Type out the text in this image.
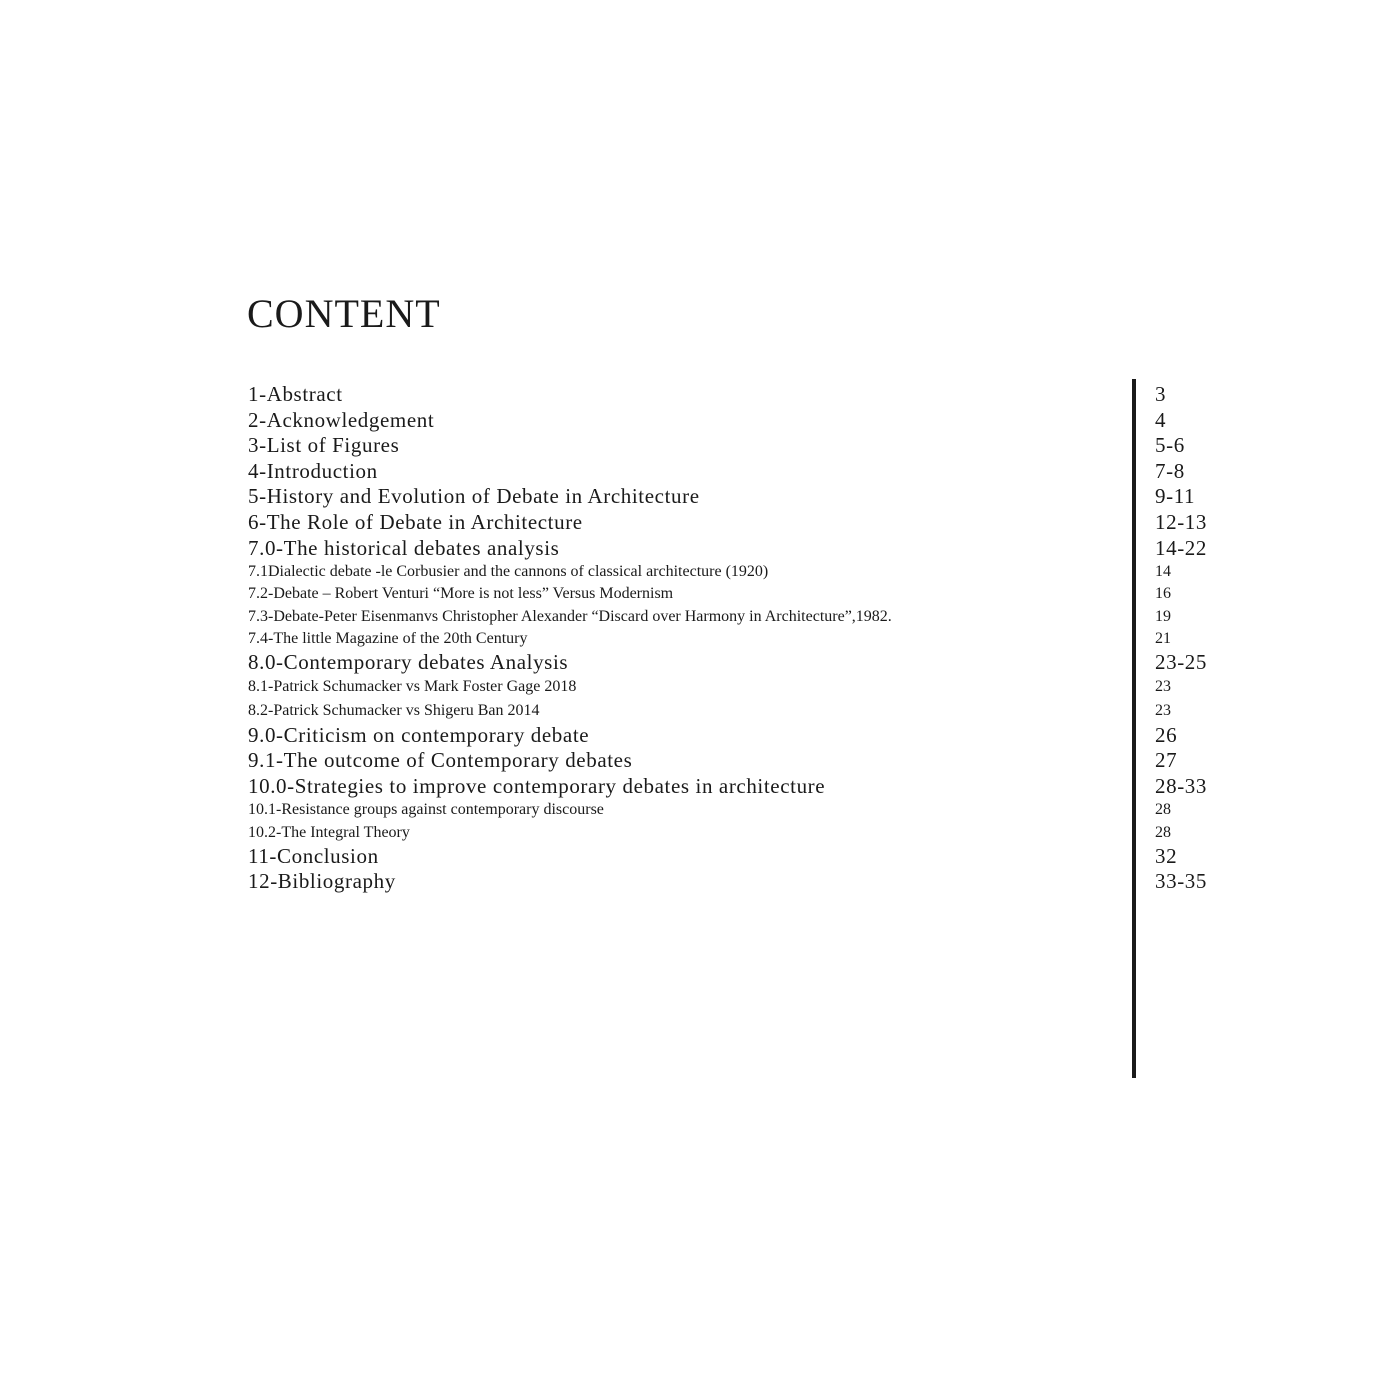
CONTENT
1-Abstract
2-Acknowledgement
3-List of Figures
4-Introduction
5-History and Evolution of Debate in Architecture
6-The Role of Debate in Architecture
7.0-The historical debates analysis
7.1Dialectic debate -le Corbusier and the cannons of classical architecture (1920)
7.2-Debate – Robert Venturi “More is not less” Versus Modernism
7.3-Debate-Peter Eisenmanvs Christopher Alexander “Discard over Harmony in Architecture”,1982.
7.4-The little Magazine of the 20th Century
8.0-Contemporary debates Analysis
8.1-Patrick Schumacker vs Mark Foster Gage 2018
8.2-Patrick Schumacker vs Shigeru Ban 2014
9.0-Criticism on contemporary debate
9.1-The outcome of Contemporary debates
10.0-Strategies to improve contemporary debates in architecture
10.1-Resistance groups against contemporary discourse
10.2-The Integral Theory
11-Conclusion
12-Bibliography
3
4
5-6
7-8
9-11
12-13
14-22
14
16
19
21
23-25
23
23
26
27
28-33
28
28
32
33-35
